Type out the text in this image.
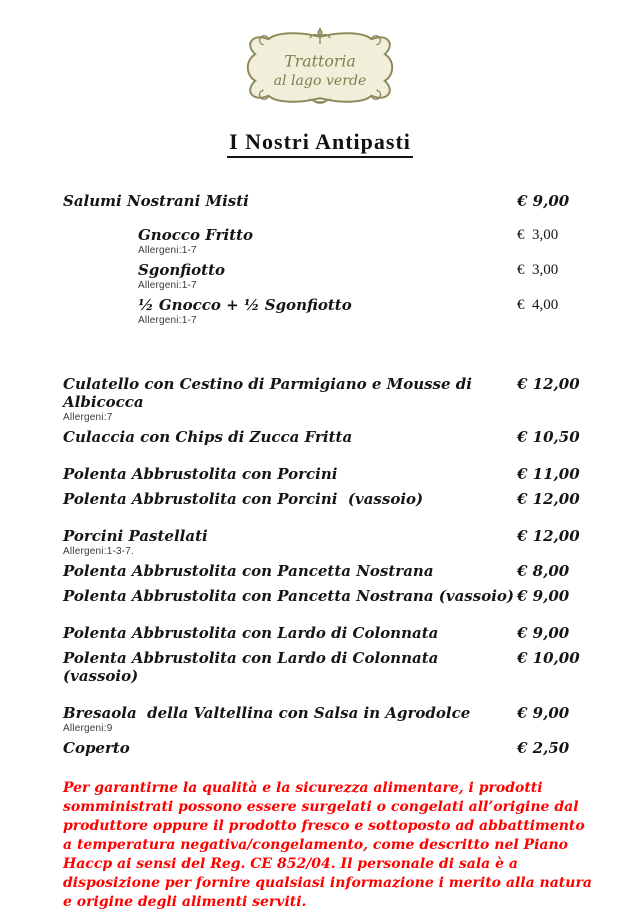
Trattoria
al lago verde
I Nostri Antipasti
Salumi Nostrani Misti	€ 9,00
Gnocco Fritto
Allergeni:1-7
€  3,00
Sgonfiotto
Allergeni:1-7
€  3,00
½ Gnocco + ½ Sgonfiotto
Allergeni:1-7
€  4,00
Culatello con Cestino di Parmigiano e Mousse di Albicocca
Allergeni:7
€ 12,00
Culaccia con Chips di Zucca Fritta	€ 10,50
Polenta Abbrustolita con Porcini	€ 11,00
Polenta Abbrustolita con Porcini  (vassoio)	€ 12,00
Porcini Pastellati
Allergeni:1-3-7.
€ 12,00
Polenta Abbrustolita con Pancetta Nostrana	€ 8,00
Polenta Abbrustolita con Pancetta Nostrana (vassoio) € 9,00
Polenta Abbrustolita con Lardo di Colonnata	€ 9,00
Polenta Abbrustolita con Lardo di Colonnata (vassoio)
€ 10,00
Bresaola  della Valtellina con Salsa in Agrodolce
Allergeni:9
€ 9,00
Coperto	€ 2,50

Per garantirne la qualità e la sicurezza alimentare, i prodotti somministrati possono essere surgelati o congelati all’origine dal produttore oppure il prodotto fresco e sottoposto ad abbattimento a temperatura negativa/congelamento, come descritto nel Piano Haccp ai sensi del Reg. CE 852/04. Il personale di sala è a disposizione per fornire qualsiasi informazione i merito alla natura e origine degli alimenti serviti.
